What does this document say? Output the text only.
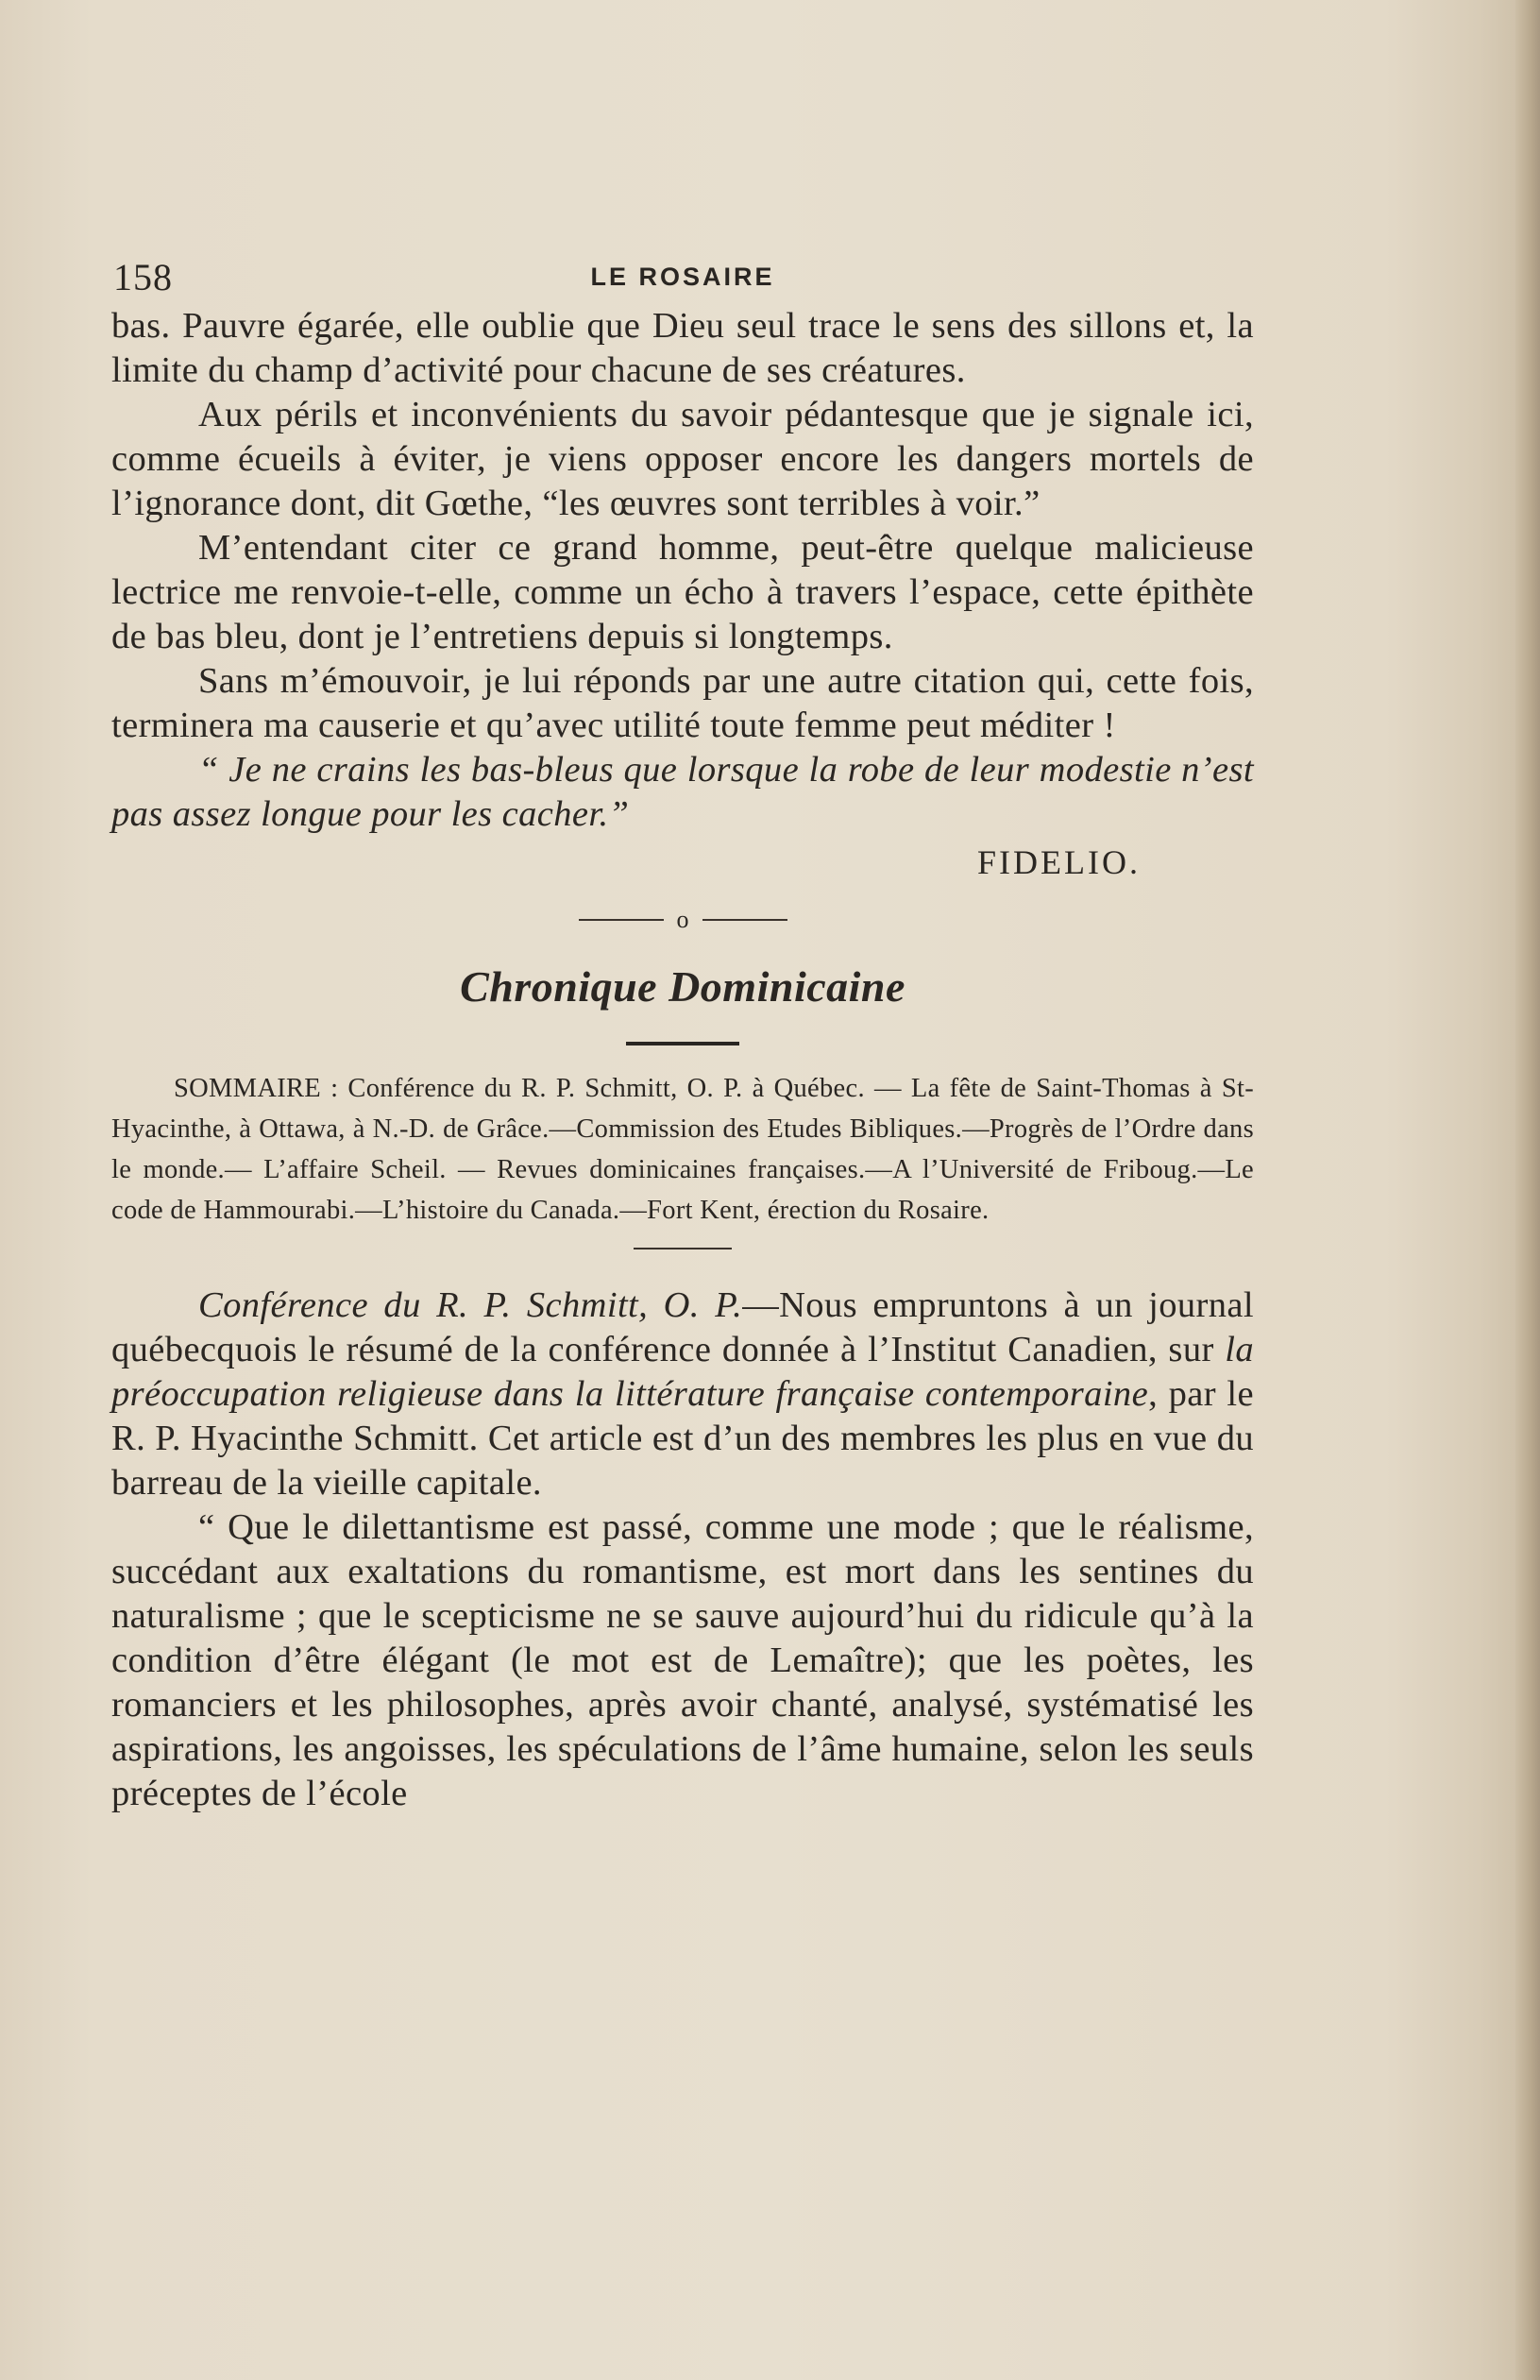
158	LE ROSAIRE

bas. Pauvre égarée, elle oublie que Dieu seul trace le sens des sillons et, la limite du champ d’activité pour chacune de ses créatures.

Aux périls et inconvénients du savoir pédantesque que je signale ici, comme écueils à éviter, je viens opposer encore les dangers mortels de l’ignorance dont, dit Gœthe, “les œuvres sont terribles à voir.”

M’entendant citer ce grand homme, peut-être quelque malicieuse lectrice me renvoie-t-elle, comme un écho à travers l’espace, cette épithète de bas bleu, dont je l’entretiens depuis si longtemps.

Sans m’émouvoir, je lui réponds par une autre citation qui, cette fois, terminera ma causerie et qu’avec utilité toute femme peut méditer !

“ Je ne crains les bas-bleus que lorsque la robe de leur modestie n’est pas assez longue pour les cacher.”

FIDELIO.
o
Chronique Dominicaine

SOMMAIRE : Conférence du R. P. Schmitt, O. P. à Québec. — La fête de Saint-Thomas à St-Hyacinthe, à Ottawa, à N.-D. de Grâce.—Commission des Etudes Bibliques.—Progrès de l’Ordre dans le monde.— L’affaire Scheil. — Revues dominicaines françaises.—A l’Université de Friboug.—Le code de Hammourabi.—L’histoire du Canada.—Fort Kent, érection du Rosaire.

Conférence du R. P. Schmitt, O. P.—Nous empruntons à un journal québecquois le résumé de la conférence donnée à l’Institut Canadien, sur la préoccupation religieuse dans la littérature française contemporaine, par le R. P. Hyacinthe Schmitt. Cet article est d’un des membres les plus en vue du barreau de la vieille capitale.

“ Que le dilettantisme est passé, comme une mode ; que le réalisme, succédant aux exaltations du romantisme, est mort dans les sentines du naturalisme ; que le scepticisme ne se sauve aujourd’hui du ridicule qu’à la condition d’être élégant (le mot est de Lemaître); que les poètes, les romanciers et les philosophes, après avoir chanté, analysé, systématisé les aspirations, les angoisses, les spéculations de l’âme humaine, selon les seuls préceptes de l’école
